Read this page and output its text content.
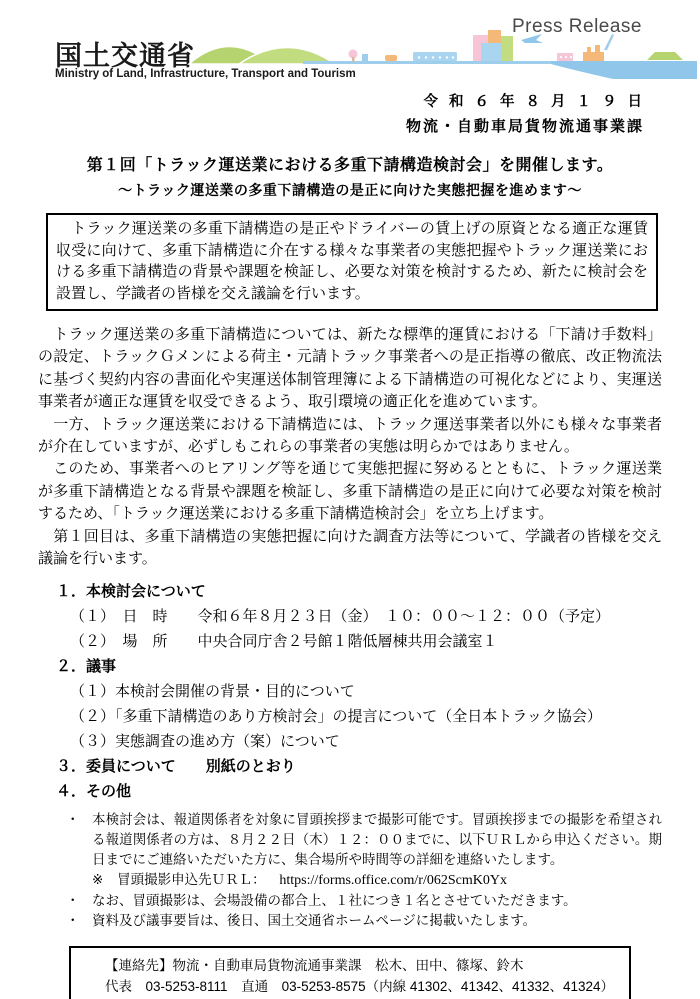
国土交通省
Ministry of Land, Infrastructure, Transport and Tourism
Press Release
令和６年８月１９日
物流・自動車局貨物流通事業課
第１回「トラック運送業における多重下請構造検討会」を開催します。
～トラック運送業の多重下請構造の是正に向けた実態把握を進めます～

　トラック運送業の多重下請構造の是正やドライバーの賃上げの原資となる適正な運賃収受に向けて、多重下請構造に介在する様々な事業者の実態把握やトラック運送業における多重下請構造の背景や課題を検証し、必要な対策を検討するため、新たに検討会を設置し、学識者の皆様を交え議論を行います。

　トラック運送業の多重下請構造については、新たな標準的運賃における「下請け手数料」の設定、トラックＧメンによる荷主・元請トラック事業者への是正指導の徹底、改正物流法に基づく契約内容の書面化や実運送体制管理簿による下請構造の可視化などにより、実運送事業者が適正な運賃を収受できるよう、取引環境の適正化を進めています。

　一方、トラック運送業における下請構造には、トラック運送事業者以外にも様々な事業者が介在していますが、必ずしもこれらの事業者の実態は明らかではありません。

　このため、事業者へのヒアリング等を通じて実態把握に努めるとともに、トラック運送業が多重下請構造となる背景や課題を検証し、多重下請構造の是正に向けて必要な対策を検討するため、「トラック運送業における多重下請構造検討会」を立ち上げます。

　第１回目は、多重下請構造の実態把握に向けた調査方法等について、学識者の皆様を交え議論を行います。

１．本検討会について
（１）　日　時　　令和６年８月２３日（金）　１０：００～１２：００（予定）
（２）　場　所　　中央合同庁舎２号館１階低層棟共用会議室１
２．議事
（１）本検討会開催の背景・目的について
（２）「多重下請構造のあり方検討会」の提言について（全日本トラック協会）
（３）実態調査の進め方（案）について
３．委員について　　別紙のとおり
４．その他
・ 本検討会は、報道関係者を対象に冒頭挨拶まで撮影可能です。冒頭挨拶までの撮影を希望される報道関係者の方は、８月２２日（木）１２：００までに、以下ＵＲＬから申込ください。期日までにご連絡いただいた方に、集合場所や時間等の詳細を連絡いたします。

※ 冒頭撮影申込先ＵＲＬ： https://forms.office.com/r/062ScmK0Yx
・ なお、冒頭撮影は、会場設備の都合上、１社につき１名とさせていただきます。

・ 資料及び議事要旨は、後日、国土交通省ホームページに掲載いたします。

【連絡先】物流・自動車局貨物流通事業課　松木、田中、篠塚、鈴木
代表　03-5253-8111　直通　03-5253-8575（内線 41302、41342、41332、41324）
